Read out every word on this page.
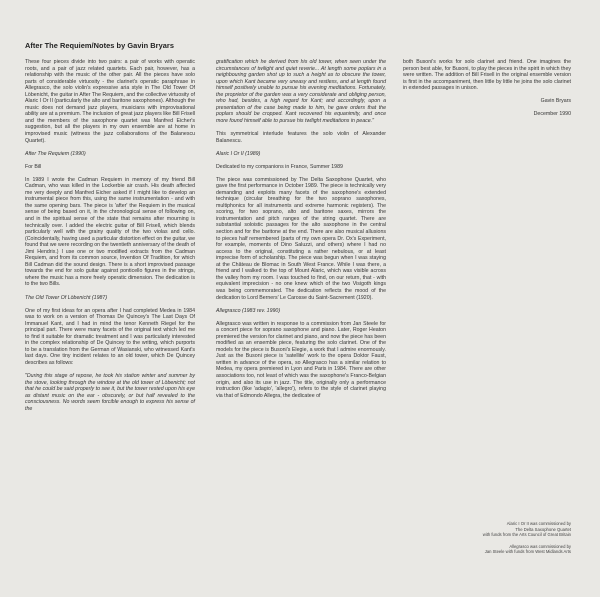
After The Requiem/Notes by Gavin Bryars

These four pieces divide into two pairs: a pair of works with operatic roots, and a pair of jazz related quartets. Each pair, however, has a relationship with the music of the other pair. All the pieces have solo parts of considerable virtuosity - the clarinet's operatic paraphrase in Allegrasco, the solo violin's expressive aria style in The Old Tower Of Löbenicht, the guitar in After The Requiem, and the collective virtuosity of Alaric I Or II (particularly the alto and baritone saxophones). Although the music does not demand jazz players, musicians with improvisational ability are at a premium. The inclusion of great jazz players like Bill Frisell and the members of the saxophone quartet was Manfred Eicher's suggestion, but all the players in my own ensemble are at home in improvised music (witness the jazz collaborations of the Balanescu Quartet).

After The Requiem (1990)

For Bill

In 1989 I wrote the Cadman Requiem in memory of my friend Bill Cadman, who was killed in the Lockerbie air crash. His death affected me very deeply and Manfred Eicher asked if I might like to develop an instrumental piece from this, using the same instrumentation - and with the same opening bars. The piece is 'after' the Requiem in the musical sense of being based on it, in the chronological sense of following on, and in the spiritual sense of the state that remains after mourning is technically over. I added the electric guitar of Bill Frisell, which blends particularly well with the grainy quality of the two violas and cello. (Coincidentally, having used a particular distortion effect on the guitar, we found that we were recording on the twentieth anniversary of the death of Jimi Hendrix.) I use one or two modified extracts from the Cadman Requiem, and from its common source, Invention Of Tradition, for which Bill Cadman did the sound design. There is a short improvised passage towards the end for solo guitar against ponticello figures in the strings, where the music has a more freely operatic dimension. The dedication is to the two Bills.

The Old Tower Of Löbenicht (1987)

One of my first ideas for an opera after I had completed Medea in 1984 was to work on a version of Thomas De Quincey's The Last Days Of Immanuel Kant, and I had in mind the tenor Kenneth Riegel for the principal part. There were many facets of the original text which led me to find it suitable for dramatic treatment and I was particularly interested in the complex relationship of De Quincey to the writing, which purports to be a translation from the German of Wasianski, who witnessed Kant's last days. One tiny incident relates to an old tower, which De Quincey describes as follows:

"During this stage of repose, he took his station winter and summer by the stove, looking through the window at the old tower of Löbenicht; not that he could be said properly to see it, but the tower rested upon his eye as distant music on the ear - obscurely, or but half revealed to the consciousness. No words seem forcible enough to express his sense of the

gratification which he derived from his old tower, when seen under the circumstances of twilight and quiet reverie... At length some poplars in a neighbouring garden shot up to such a height as to obscure the tower, upon which Kant became very uneasy and restless, and at length found himself positively unable to pursue his evening meditations. Fortunately, the proprietor of the garden was a very considerate and obliging person, who had, besides, a high regard for Kant; and accordingly, upon a presentation of the case being made to him, he gave orders that the poplars should be cropped. Kant recovered his equanimity, and once more found himself able to pursue his twilight meditations in peace."

This symmetrical interlude features the solo violin of Alexander Balanescu.

Alaric I Or II (1989)

Dedicated to my companions in France, Summer 1989

The piece was commissioned by The Delta Saxophone Quartet, who gave the first performance in October 1989. The piece is technically very demanding and exploits many facets of the saxophone's extended technique (circular breathing for the two soprano saxophones, multiphonics for all instruments and extreme harmonic registers). The scoring, for two soprano, alto and baritone saxes, mirrors the instrumentation and pitch ranges of the string quartet. There are substantial soloistic passages for the alto saxophone in the central section and for the baritone at the end. There are also musical allusions to pieces half remembered (parts of my own opera Dr. Ox's Experiment, for example, moments of Dino Saluzzi, and others) where I had no access to the original, constituting a rather nebulous, or at least imprecise form of scholarship. The piece was begun when I was staying at the Château de Blomac in South West France. While I was there, a friend and I walked to the top of Mount Alaric, which was visible across the valley from my room. I was touched to find, on our return, that - with equivalent imprecision - no one knew which of the two Visigoth kings was being commemorated. The dedication reflects the mood of the dedication to Lord Berners' Le Carosse du Saint-Sacrement (1920).

Allegrasco (1983 rev. 1990)

Allegrasco was written in response to a commission from Jan Steele for a concert piece for soprano saxophone and piano. Later, Roger Heaton premiered the version for clarinet and piano, and now the piece has been modified as an ensemble piece, featuring the solo clarinet. One of the models for the piece is Busoni's Elegie, a work that I admire enormously. Just as the Busoni piece is 'satellite' work to the opera Doktor Faust, written in advance of the opera, so Allegrasco has a similar relation to Medea, my opera premiered in Lyon and Paris in 1984. There are other associations too, not least of which was the saxophone's Franco-Belgian origin, and also its use in jazz. The title, originally only a performance instruction (like 'adagio', 'allegro'), refers to the style of clarinet playing via that of Edmondo Allegra, the dedicatee of

both Busoni's works for solo clarinet and friend. One imagines the person best able, for Busoni, to play the pieces in the spirit in which they were written. The addition of Bill Frisell in the original ensemble version is first in the accompaniment, then little by little he joins the solo clarinet in extended passages in unison.

Gavin Bryars

December 1990

Alaric I Or II was commissioned by
The Delta Saxophone Quartet
with funds from the Arts Council of Great Britain

Allegrasco was commissioned by
Jan Steele with funds from West Midlands Arts
